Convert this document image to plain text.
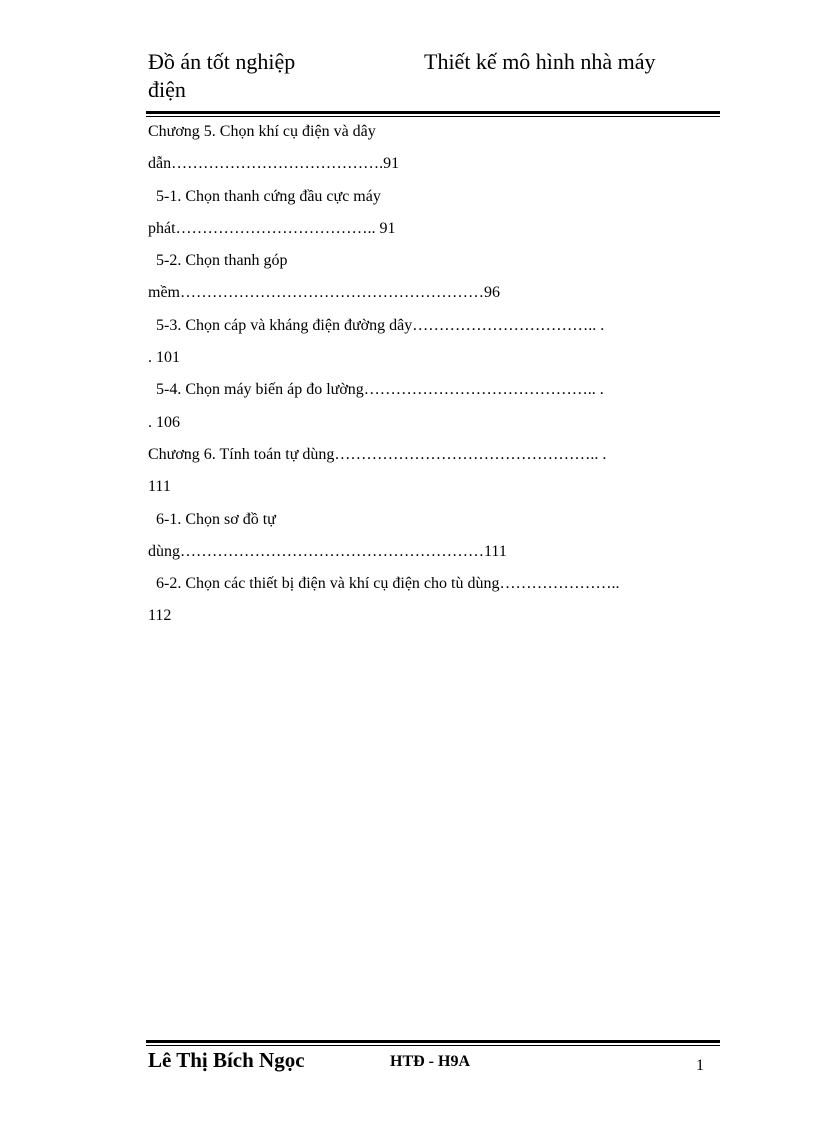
Đồ án tốt nghiệp
điện
Thiết kế mô hình nhà máy
Chương 5. Chọn khí cụ điện và dây
dẫn………………………………….91
5-1. Chọn thanh cứng đầu cực máy
phát……………………………….. 91
5-2. Chọn thanh góp
mềm…………………………………………………96
5-3. Chọn cáp và kháng điện đường dây…………………………….. .
. 101
5-4. Chọn máy biến áp đo lường…………………………………….. .
. 106
Chương 6. Tính toán tự dùng………………………………………….. .
111
6-1. Chọn sơ đồ tự
dùng…………………………………………………111
6-2. Chọn các thiết bị điện và khí cụ điện cho tù dùng…………………..
112
Lê Thị Bích Ngọc	HTĐ - H9A	1
